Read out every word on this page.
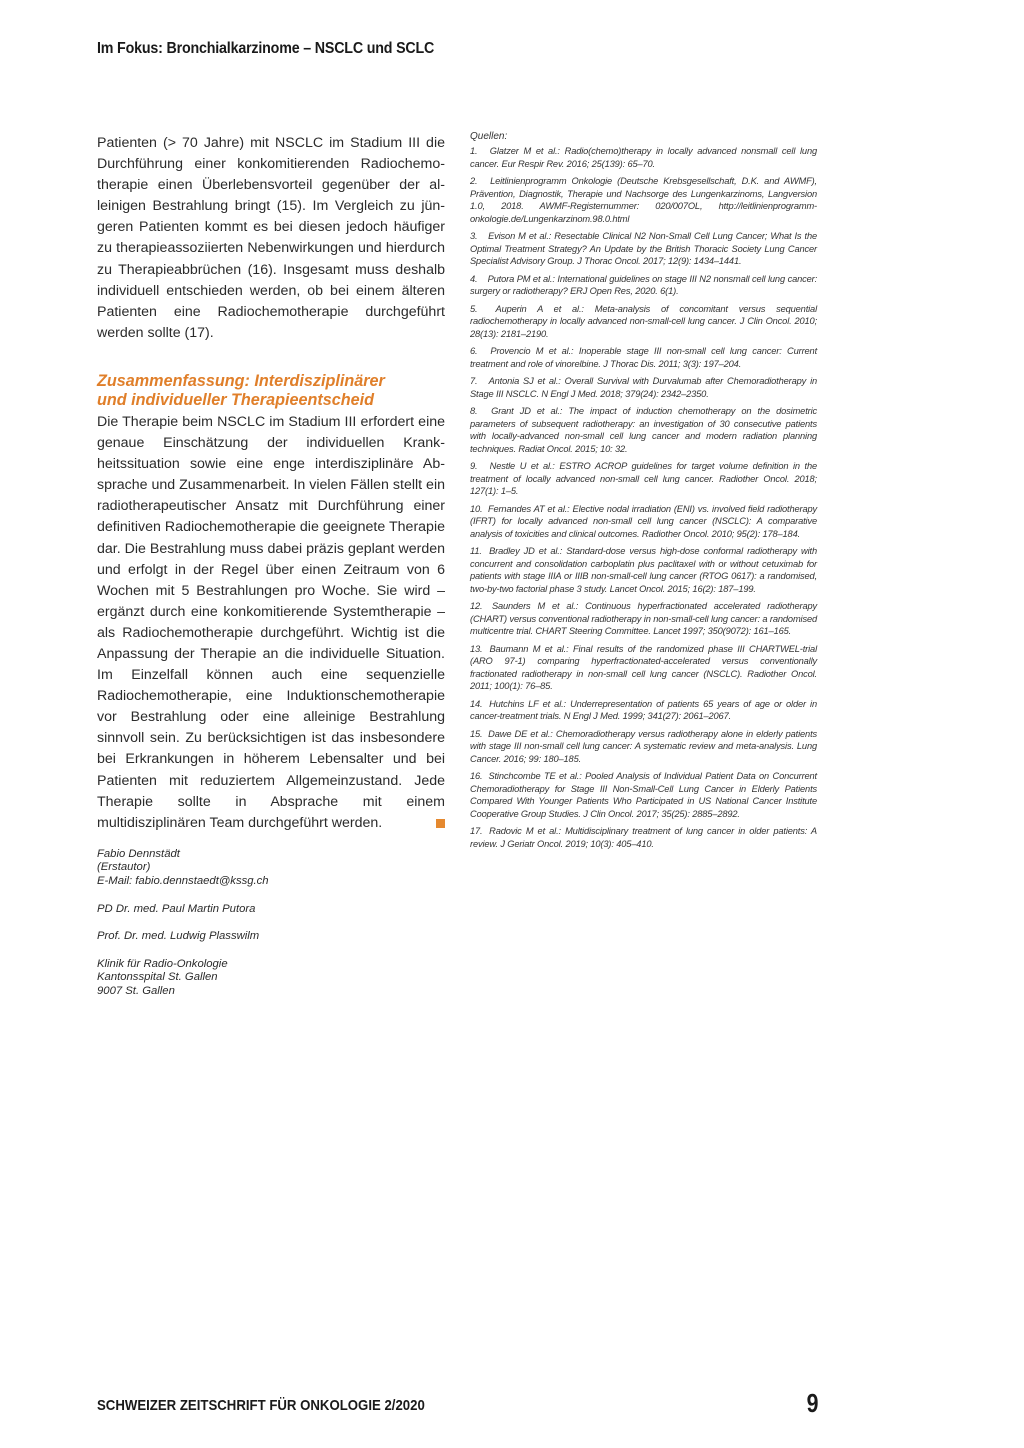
Im Fokus: Bronchialkarzinome – NSCLC und SCLC

Patienten (> 70 Jahre) mit NSCLC im Stadium III die Durchführung einer konkomitierenden Radiochemotherapie einen Überlebensvorteil gegenüber der alleinigen Bestrahlung bringt (15). Im Vergleich zu jüngeren Patienten kommt es bei diesen jedoch häufiger zu therapieassoziierten Nebenwirkungen und hierdurch zu Therapieabbrüchen (16). Insgesamt muss deshalb individuell entschieden werden, ob bei einem älteren Patienten eine Radiochemotherapie durchgeführt werden sollte (17).

Zusammenfassung: Interdisziplinärer
und individueller Therapieentscheid

Die Therapie beim NSCLC im Stadium III erfordert eine genaue Einschätzung der individuellen Krankheitssituation sowie eine enge interdisziplinäre Absprache und Zusammenarbeit. In vielen Fällen stellt ein radiotherapeutischer Ansatz mit Durchführung einer definitiven Radiochemotherapie die geeignete Therapie dar. Die Bestrahlung muss dabei präzis geplant werden und erfolgt in der Regel über einen Zeitraum von 6 Wochen mit 5 Bestrahlungen pro Woche. Sie wird – ergänzt durch eine konkomitierende Systemtherapie – als Radiochemotherapie durchgeführt. Wichtig ist die Anpassung der Therapie an die individuelle Situation. Im Einzelfall können auch eine sequenzielle Radiochemotherapie, eine Induktionschemotherapie vor Bestrahlung oder eine alleinige Bestrahlung sinnvoll sein. Zu berücksichtigen ist das insbesondere bei Erkrankungen in höherem Lebensalter und bei Patienten mit reduziertem Allgemeinzustand. Jede Therapie sollte in Absprache mit einem multidisziplinären Team durchgeführt werden.

Fabio Dennstädt
(Erstautor)
E-Mail: fabio.dennstaedt@kssg.ch
PD Dr. med. Paul Martin Putora
Prof. Dr. med. Ludwig Plasswilm
Klinik für Radio-Onkologie
Kantonsspital St. Gallen
9007 St. Gallen
Quellen:
1. Glatzer M et al.: Radio(chemo)therapy in locally advanced nonsmall cell lung cancer. Eur Respir Rev. 2016; 25(139): 65–70.
2. Leitlinienprogramm Onkologie (Deutsche Krebsgesellschaft, D.K. and AWMF), Prävention, Diagnostik, Therapie und Nachsorge des Lungenkarzinoms, Langversion 1.0, 2018. AWMF-Registernummer: 020/007OL, http://leitlinienprogramm-onkologie.de/Lungenkarzinom.98.0.html
3. Evison M et al.: Resectable Clinical N2 Non-Small Cell Lung Cancer; What Is the Optimal Treatment Strategy? An Update by the British Thoracic Society Lung Cancer Specialist Advisory Group. J Thorac Oncol. 2017; 12(9): 1434–1441.
4. Putora PM et al.: International guidelines on stage III N2 nonsmall cell lung cancer: surgery or radiotherapy? ERJ Open Res, 2020. 6(1).
5. Auperin A et al.: Meta-analysis of concomitant versus sequential radiochemotherapy in locally advanced non-small-cell lung cancer. J Clin Oncol. 2010; 28(13): 2181–2190.
6. Provencio M et al.: Inoperable stage III non-small cell lung cancer: Current treatment and role of vinorelbine. J Thorac Dis. 2011; 3(3): 197–204.
7. Antonia SJ et al.: Overall Survival with Durvalumab after Chemoradiotherapy in Stage III NSCLC. N Engl J Med. 2018; 379(24): 2342–2350.
8. Grant JD et al.: The impact of induction chemotherapy on the dosimetric parameters of subsequent radiotherapy: an investigation of 30 consecutive patients with locally-advanced non-small cell lung cancer and modern radiation planning techniques. Radiat Oncol. 2015; 10: 32.
9. Nestle U et al.: ESTRO ACROP guidelines for target volume definition in the treatment of locally advanced non-small cell lung cancer. Radiother Oncol. 2018; 127(1): 1–5.
10. Fernandes AT et al.: Elective nodal irradiation (ENI) vs. involved field radiotherapy (IFRT) for locally advanced non-small cell lung cancer (NSCLC): A comparative analysis of toxicities and clinical outcomes. Radiother Oncol. 2010; 95(2): 178–184.
11. Bradley JD et al.: Standard-dose versus high-dose conformal radiotherapy with concurrent and consolidation carboplatin plus paclitaxel with or without cetuximab for patients with stage IIIA or IIIB non-small-cell lung cancer (RTOG 0617): a randomised, two-by-two factorial phase 3 study. Lancet Oncol. 2015; 16(2): 187–199.
12. Saunders M et al.: Continuous hyperfractionated accelerated radiotherapy (CHART) versus conventional radiotherapy in non-small-cell lung cancer: a randomised multicentre trial. CHART Steering Committee. Lancet 1997; 350(9072): 161–165.
13. Baumann M et al.: Final results of the randomized phase III CHARTWEL-trial (ARO 97-1) comparing hyperfractionated-accelerated versus conventionally fractionated radiotherapy in non-small cell lung cancer (NSCLC). Radiother Oncol. 2011; 100(1): 76–85.
14. Hutchins LF et al.: Underrepresentation of patients 65 years of age or older in cancer-treatment trials. N Engl J Med. 1999; 341(27): 2061–2067.
15. Dawe DE et al.: Chemoradiotherapy versus radiotherapy alone in elderly patients with stage III non-small cell lung cancer: A systematic review and meta-analysis. Lung Cancer. 2016; 99: 180–185.
16. Stinchcombe TE et al.: Pooled Analysis of Individual Patient Data on Concurrent Chemoradiotherapy for Stage III Non-Small-Cell Lung Cancer in Elderly Patients Compared With Younger Patients Who Participated in US National Cancer Institute Cooperative Group Studies. J Clin Oncol. 2017; 35(25): 2885–2892.
17. Radovic M et al.: Multidisciplinary treatment of lung cancer in older patients: A review. J Geriatr Oncol. 2019; 10(3): 405–410.
SCHWEIZER ZEITSCHRIFT FÜR ONKOLOGIE 2/2020	9
